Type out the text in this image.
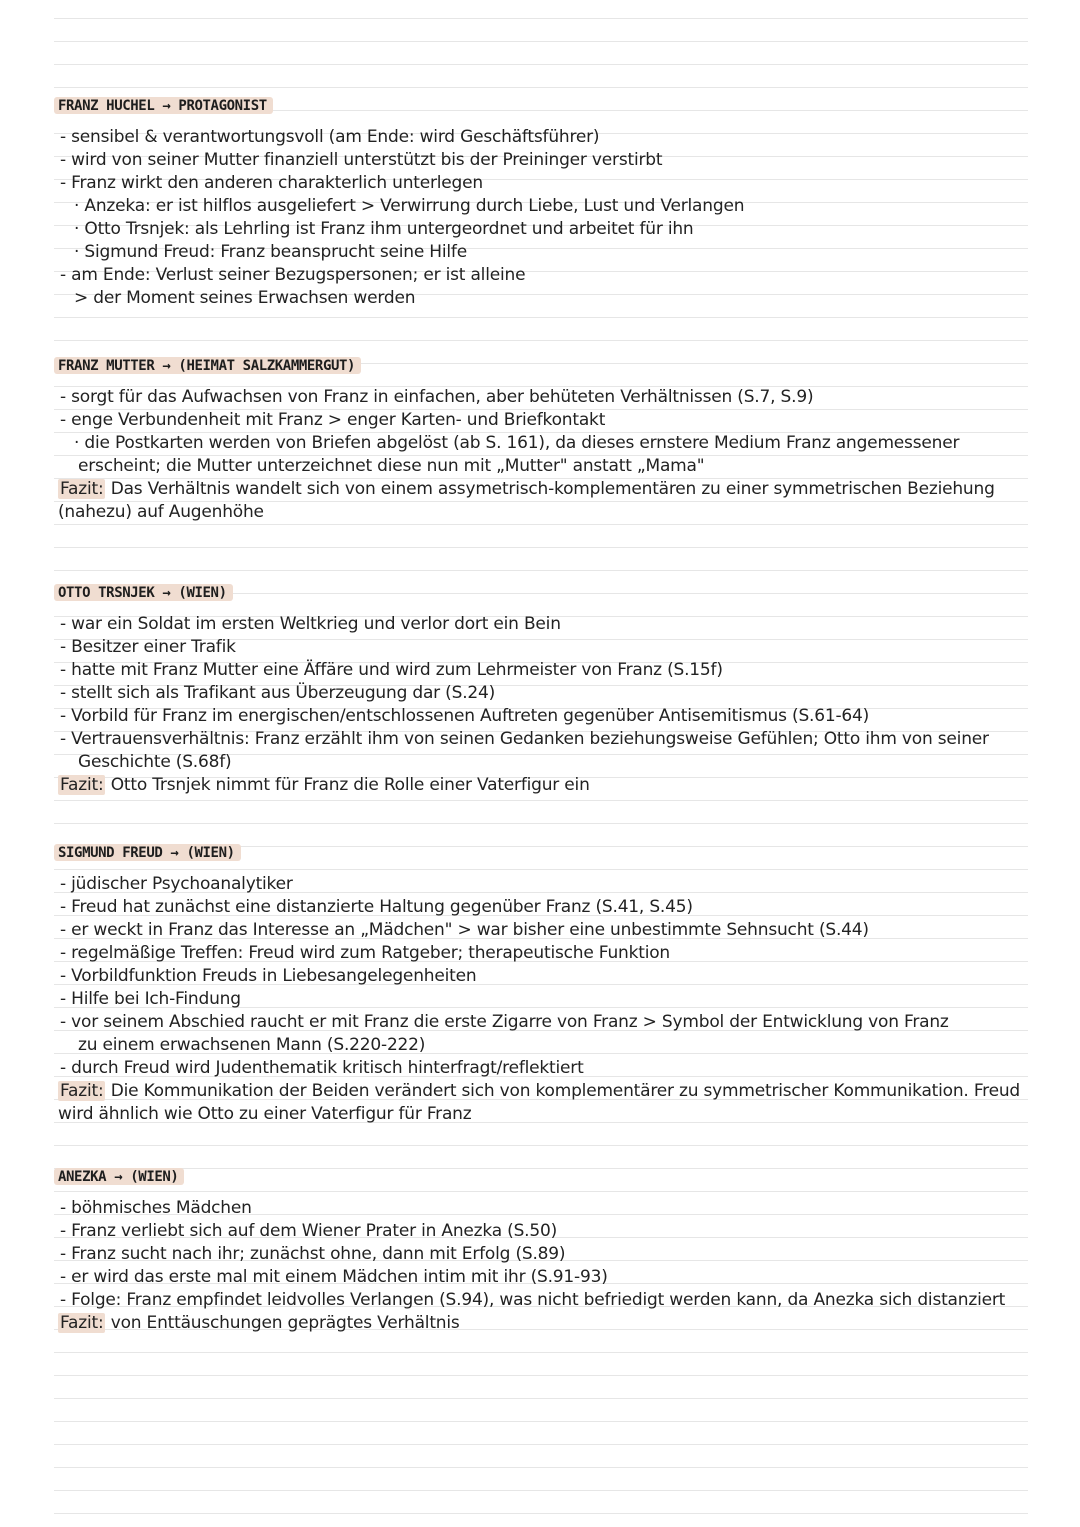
FRANZ HUCHEL → PROTAGONIST
- sensibel & verantwortungsvoll (am Ende: wird Geschäftsführer)
- wird von seiner Mutter finanziell unterstützt bis der Preininger verstirbt
- Franz wirkt den anderen charakterlich unterlegen
· Anzeka: er ist hilflos ausgeliefert > Verwirrung durch Liebe, Lust und Verlangen
· Otto Trsnjek: als Lehrling ist Franz ihm untergeordnet und arbeitet für ihn
· Sigmund Freud: Franz beansprucht seine Hilfe
- am Ende: Verlust seiner Bezugspersonen; er ist alleine
> der Moment seines Erwachsen werden
FRANZ MUTTER → (HEIMAT SALZKAMMERGUT)
- sorgt für das Aufwachsen von Franz in einfachen, aber behüteten Verhältnissen (S.7, S.9)
- enge Verbundenheit mit Franz > enger Karten- und Briefkontakt
· die Postkarten werden von Briefen abgelöst (ab S. 161), da dieses ernstere Medium Franz angemessener
erscheint; die Mutter unterzeichnet diese nun mit „Mutter" anstatt „Mama"
Fazit: Das Verhältnis wandelt sich von einem assymetrisch-komplementären zu einer symmetrischen Beziehung
(nahezu) auf Augenhöhe
OTTO TRSNJEK → (WIEN)
- war ein Soldat im ersten Weltkrieg und verlor dort ein Bein
- Besitzer einer Trafik
- hatte mit Franz Mutter eine Äffäre und wird zum Lehrmeister von Franz (S.15f)
- stellt sich als Trafikant aus Überzeugung dar (S.24)
- Vorbild für Franz im energischen/entschlossenen Auftreten gegenüber Antisemitismus (S.61-64)
- Vertrauensverhältnis: Franz erzählt ihm von seinen Gedanken beziehungsweise Gefühlen; Otto ihm von seiner
Geschichte (S.68f)
Fazit: Otto Trsnjek nimmt für Franz die Rolle einer Vaterfigur ein
SIGMUND FREUD → (WIEN)
- jüdischer Psychoanalytiker
- Freud hat zunächst eine distanzierte Haltung gegenüber Franz (S.41, S.45)
- er weckt in Franz das Interesse an „Mädchen" > war bisher eine unbestimmte Sehnsucht (S.44)
- regelmäßige Treffen: Freud wird zum Ratgeber; therapeutische Funktion
- Vorbildfunktion Freuds in Liebesangelegenheiten
- Hilfe bei Ich-Findung
- vor seinem Abschied raucht er mit Franz die erste Zigarre von Franz > Symbol der Entwicklung von Franz
zu einem erwachsenen Mann (S.220-222)
- durch Freud wird Judenthematik kritisch hinterfragt/reflektiert
Fazit: Die Kommunikation der Beiden verändert sich von komplementärer zu symmetrischer Kommunikation. Freud
wird ähnlich wie Otto zu einer Vaterfigur für Franz
ANEZKA → (WIEN)
- böhmisches Mädchen
- Franz verliebt sich auf dem Wiener Prater in Anezka (S.50)
- Franz sucht nach ihr; zunächst ohne, dann mit Erfolg (S.89)
- er wird das erste mal mit einem Mädchen intim mit ihr (S.91-93)
- Folge: Franz empfindet leidvolles Verlangen (S.94), was nicht befriedigt werden kann, da Anezka sich distanziert
Fazit: von Enttäuschungen geprägtes Verhältnis
